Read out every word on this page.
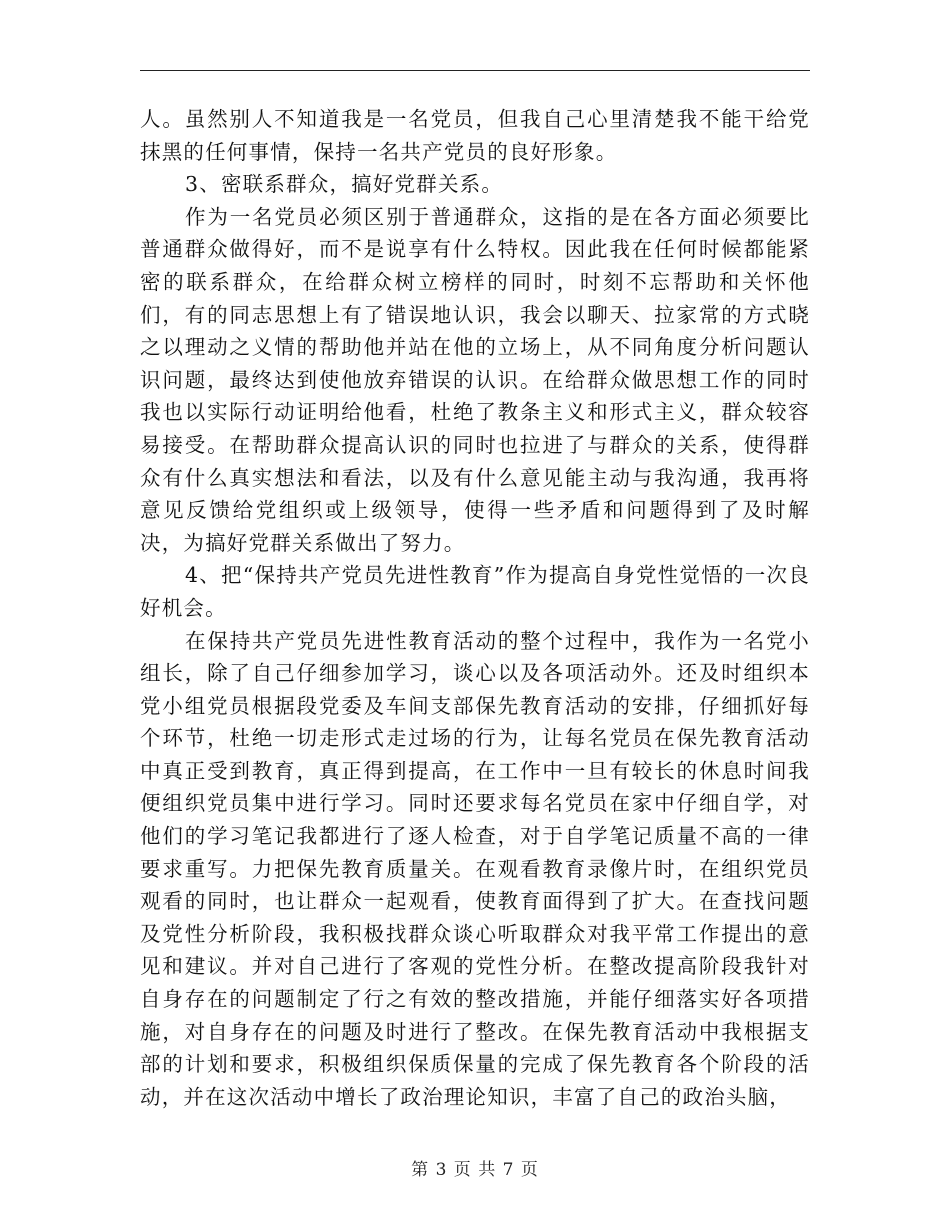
人。虽然别人不知道我是一名党员，但我自己心里清楚我不能干给党抹黑的任何事情，保持一名共产党员的良好形象。

3、密联系群众，搞好党群关系。

作为一名党员必须区别于普通群众，这指的是在各方面必须要比普通群众做得好，而不是说享有什么特权。因此我在任何时候都能紧密的联系群众，在给群众树立榜样的同时，时刻不忘帮助和关怀他们，有的同志思想上有了错误地认识，我会以聊天、拉家常的方式晓之以理动之义情的帮助他并站在他的立场上，从不同角度分析问题认识问题，最终达到使他放弃错误的认识。在给群众做思想工作的同时我也以实际行动证明给他看，杜绝了教条主义和形式主义，群众较容易接受。在帮助群众提高认识的同时也拉进了与群众的关系，使得群众有什么真实想法和看法，以及有什么意见能主动与我沟通，我再将意见反馈给党组织或上级领导，使得一些矛盾和问题得到了及时解决，为搞好党群关系做出了努力。

4、把“保持共产党员先进性教育”作为提高自身党性觉悟的一次良好机会。

在保持共产党员先进性教育活动的整个过程中，我作为一名党小组长，除了自己仔细参加学习，谈心以及各项活动外。还及时组织本党小组党员根据段党委及车间支部保先教育活动的安排，仔细抓好每个环节，杜绝一切走形式走过场的行为，让每名党员在保先教育活动中真正受到教育，真正得到提高，在工作中一旦有较长的休息时间我便组织党员集中进行学习。同时还要求每名党员在家中仔细自学，对他们的学习笔记我都进行了逐人检查，对于自学笔记质量不高的一律要求重写。力把保先教育质量关。在观看教育录像片时，在组织党员观看的同时，也让群众一起观看，使教育面得到了扩大。在查找问题及党性分析阶段，我积极找群众谈心听取群众对我平常工作提出的意见和建议。并对自己进行了客观的党性分析。在整改提高阶段我针对自身存在的问题制定了行之有效的整改措施，并能仔细落实好各项措施，对自身存在的问题及时进行了整改。在保先教育活动中我根据支部的计划和要求，积极组织保质保量的完成了保先教育各个阶段的活动，并在这次活动中增长了政治理论知识，丰富了自己的政治头脑，

第 3 页 共 7 页
